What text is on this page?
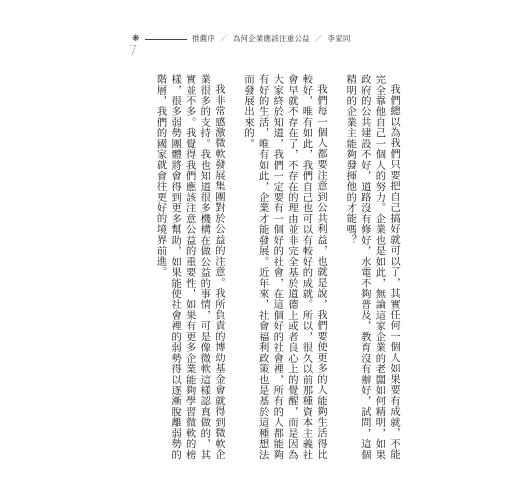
❋	推薦序 ／ 為何企業應該注重公益 ／ 李家同
7

我們總以為我們只要把自己搞好就可以了，其實任何一個人如果要有成就，不能完全靠他自己一個人的努力。企業也是如此，無論這家企業的老闆如何精明，如果政府的公共建設不好，道路沒有修好，水電不夠普及，教育沒有辦好，試問，這個精明的企業主能夠發揮他的才能嗎？

我們每一個人都要注意到公共利益，也就是說，我們要使更多的人能夠生活得比較好，唯有如此，我們自己也可以有較好的成就。所以，很久以前那種資本主義社會早就不存在了，不存在的理由並非完全基於道德上或者良心上的覺醒，而是因為大家終於知道，我們一定要有一個好的社會，在這個好的社會裡，所有的人都能夠有好的生活，唯有如此，企業才能發展。近年來，社會福利政策也是基於這種想法而發展出來的。

我非常感激微軟發展集團對於公益的注意。我所負責的博幼基金會就得到微軟企業很多的支持。我也知道很多機構在做公益的事情，可是像微軟這樣認真做的，其實並不多。我覺得我們應該注意公益的重要性，如果有更多企業能夠學習微軟的榜樣，很多弱勢團體將會得到更多幫助，如果能使社會裡的弱勢得以逐漸脫離弱勢的階層，我們的國家就會往更好的境界前進。
